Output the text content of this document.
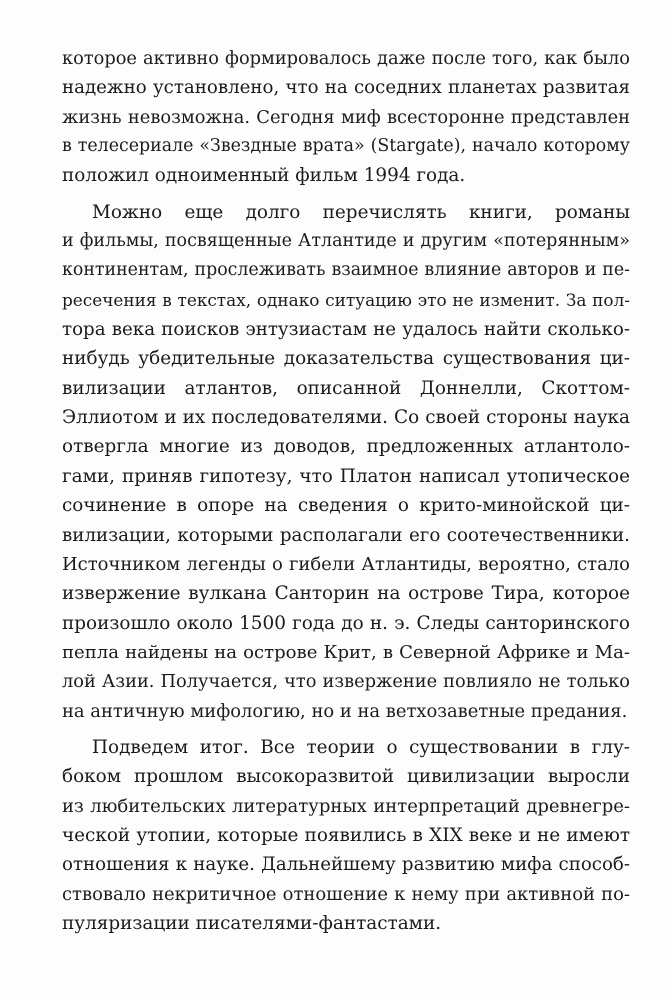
которое активно формировалось даже после того, как было
надежно установлено, что на соседних планетах развитая
жизнь невозможна. Сегодня миф всесторонне представлен
в телесериале «Звездные врата» (Stargate), начало которому
положил одноименный фильм 1994 года.
Можно еще долго перечислять книги, романы
и фильмы, посвященные Атлантиде и другим «потерянным»
континентам, прослеживать взаимное влияние авторов и пе-
ресечения в текстах, однако ситуацию это не изменит. За пол-
тора века поисков энтузиастам не удалось найти сколько-
нибудь убедительные доказательства существования ци-
вилизации атлантов, описанной Доннелли, Скоттом-
Эллиотом и их последователями. Со своей стороны наука
отвергла многие из доводов, предложенных атлантоло-
гами, приняв гипотезу, что Платон написал утопическое
сочинение в опоре на сведения о крито-минойской ци-
вилизации, которыми располагали его соотечественники.
Источником легенды о гибели Атлантиды, вероятно, стало
извержение вулкана Санторин на острове Тира, которое
произошло около 1500 года до н. э. Следы санторинского
пепла найдены на острове Крит, в Северной Африке и Ма-
лой Азии. Получается, что извержение повлияло не только
на античную мифологию, но и на ветхозаветные предания.
Подведем итог. Все теории о существовании в глу-
боком прошлом высокоразвитой цивилизации выросли
из любительских литературных интерпретаций древнегре-
ческой утопии, которые появились в XIX веке и не имеют
отношения к науке. Дальнейшему развитию мифа способ-
ствовало некритичное отношение к нему при активной по-
пуляризации писателями-фантастами.
